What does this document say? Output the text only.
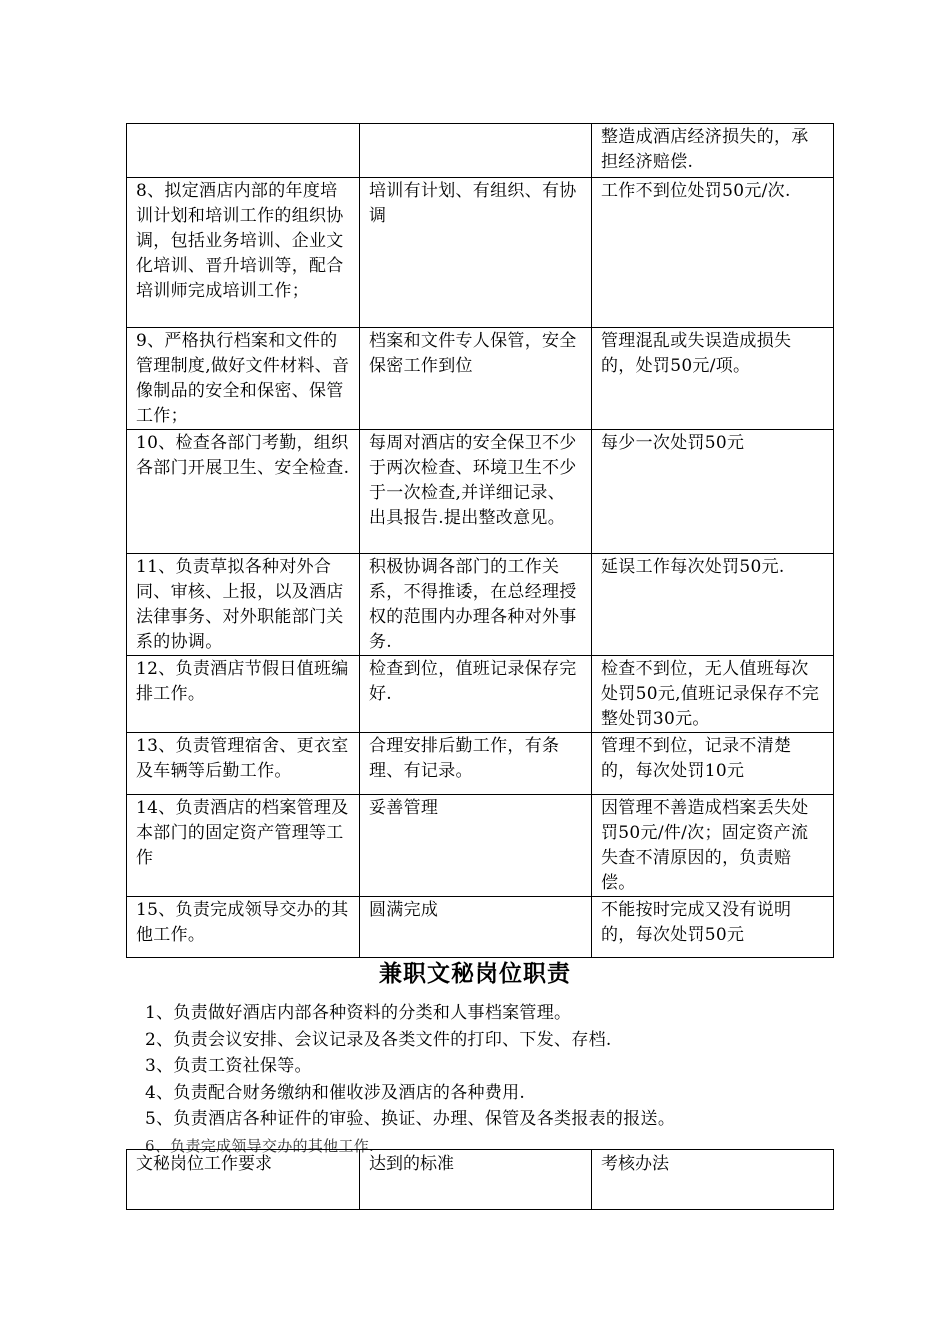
		整造成酒店经济损失的，承担经济赔偿.
8、拟定酒店内部的年度培训计划和培训工作的组织协调，包括业务培训、企业文化培训、晋升培训等，配合培训师完成培训工作；	培训有计划、有组织、有协调	工作不到位处罚50元/次.
9、严格执行档案和文件的管理制度,做好文件材料、音像制品的安全和保密、保管工作；	档案和文件专人保管，安全保密工作到位	管理混乱或失误造成损失的，处罚50元/项。
10、检查各部门考勤，组织各部门开展卫生、安全检查.	每周对酒店的安全保卫不少于两次检查、环境卫生不少于一次检查,并详细记录、出具报告.提出整改意见。	每少一次处罚50元
11、负责草拟各种对外合同、审核、上报，以及酒店法律事务、对外职能部门关系的协调。	积极协调各部门的工作关系，不得推诿，在总经理授权的范围内办理各种对外事务.	延误工作每次处罚50元.
12、负责酒店节假日值班编排工作。	检查到位，值班记录保存完好.	检查不到位，无人值班每次处罚50元,值班记录保存不完整处罚30元。
13、负责管理宿舍、更衣室及车辆等后勤工作。	合理安排后勤工作，有条理、有记录。	管理不到位，记录不清楚的，每次处罚10元
14、负责酒店的档案管理及本部门的固定资产管理等工作	妥善管理	因管理不善造成档案丢失处罚50元/件/次；固定资产流失查不清原因的，负责赔偿。
15、负责完成领导交办的其他工作。	圆满完成	不能按时完成又没有说明的，每次处罚50元
兼职文秘岗位职责
1、负责做好酒店内部各种资料的分类和人事档案管理。
2、负责会议安排、会议记录及各类文件的打印、下发、存档.
3、负责工资社保等。
4、负责配合财务缴纳和催收涉及酒店的各种费用.
5、负责酒店各种证件的审验、换证、办理、保管及各类报表的报送。
6、负责完成领导交办的其他工作.
文秘岗位工作要求	达到的标准	考核办法
